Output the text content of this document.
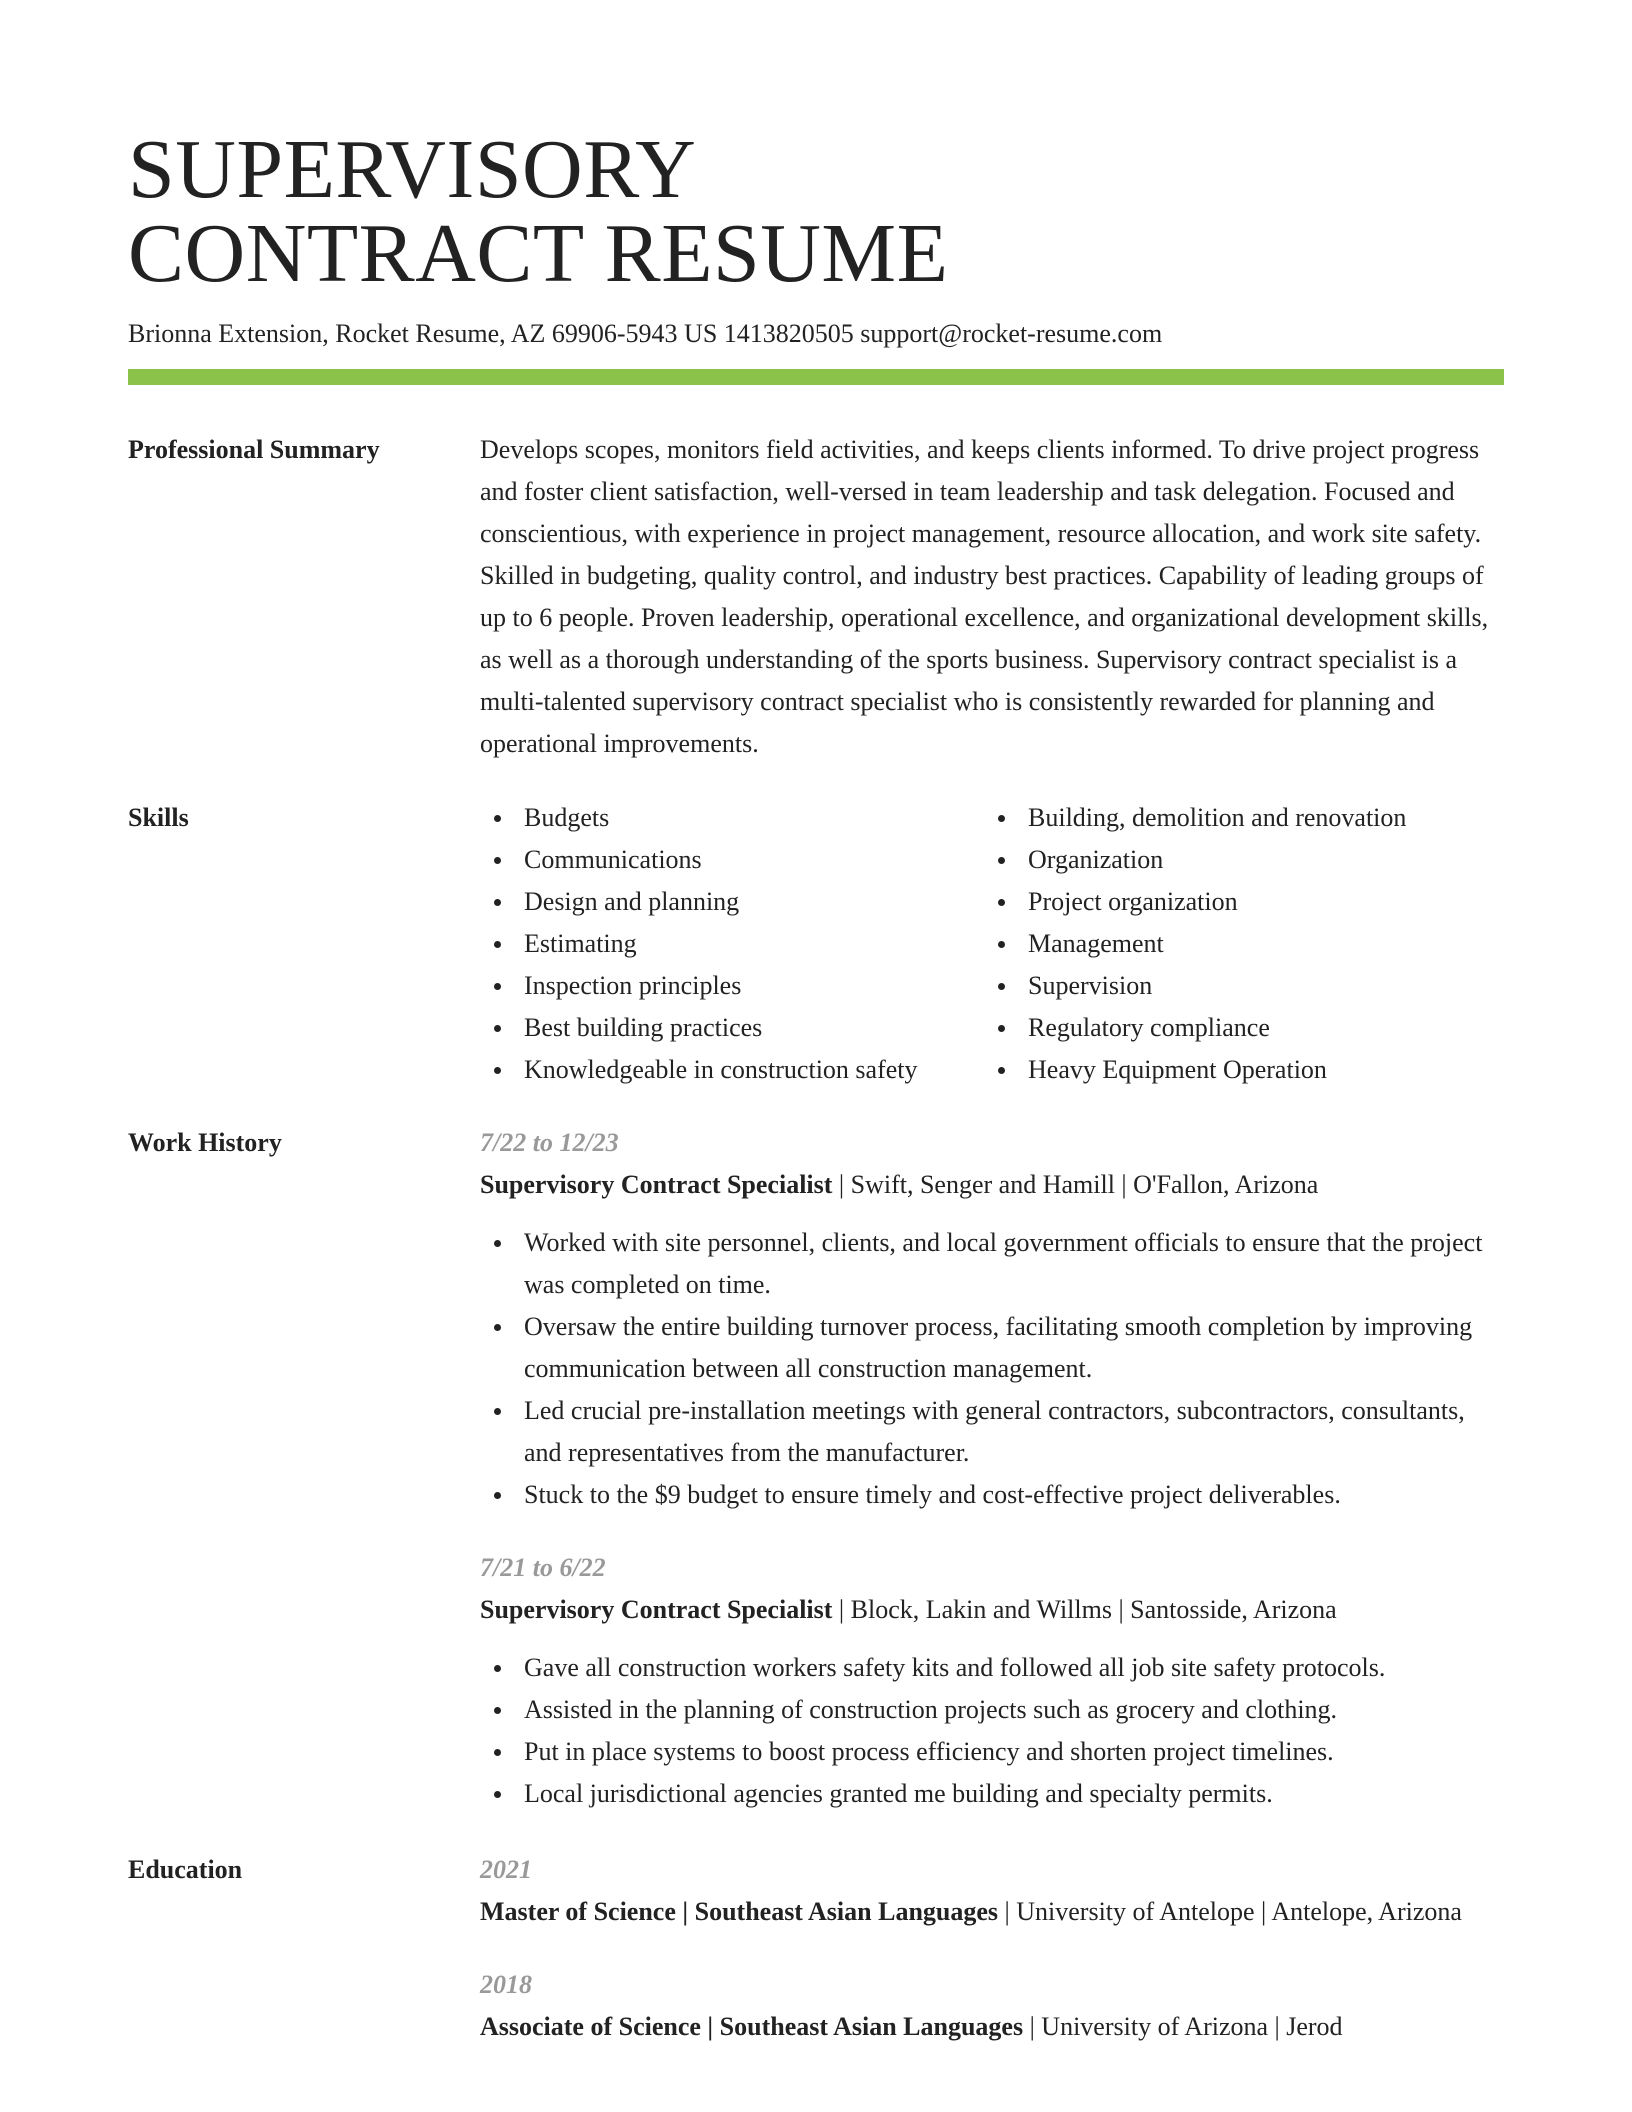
SUPERVISORY
CONTRACT RESUME
Brionna Extension, Rocket Resume, AZ 69906-5943 US 1413820505 support@rocket-resume.com
Professional Summary	Develops scopes, monitors field activities, and keeps clients informed. To drive project progress and foster client satisfaction, well-versed in team leadership and task delegation. Focused and conscientious, with experience in project management, resource allocation, and work site safety. Skilled in budgeting, quality control, and industry best practices. Capability of leading groups of up to 6 people. Proven leadership, operational excellence, and organizational development skills, as well as a thorough understanding of the sports business. Supervisory contract specialist is a multi-talented supervisory contract specialist who is consistently rewarded for planning and operational improvements.
Skills	Budgets
Communications
Design and planning
Estimating
Inspection principles
Best building practices
Knowledgeable in construction safety
Building, demolition and renovation
Organization
Project organization
Management
Supervision
Regulatory compliance
Heavy Equipment Operation
Work History	7/22 to 12/23
Supervisory Contract Specialist | Swift, Senger and Hamill | O'Fallon, Arizona
Worked with site personnel, clients, and local government officials to ensure that the project was completed on time.
Oversaw the entire building turnover process, facilitating smooth completion by improving communication between all construction management.
Led crucial pre-installation meetings with general contractors, subcontractors, consultants, and representatives from the manufacturer.
Stuck to the $9 budget to ensure timely and cost-effective project deliverables.
7/21 to 6/22
Supervisory Contract Specialist | Block, Lakin and Willms | Santosside, Arizona
Gave all construction workers safety kits and followed all job site safety protocols.
Assisted in the planning of construction projects such as grocery and clothing.
Put in place systems to boost process efficiency and shorten project timelines.
Local jurisdictional agencies granted me building and specialty permits.
Education	2021
Master of Science | Southeast Asian Languages | University of Antelope | Antelope, Arizona
2018
Associate of Science | Southeast Asian Languages | University of Arizona | Jerod
